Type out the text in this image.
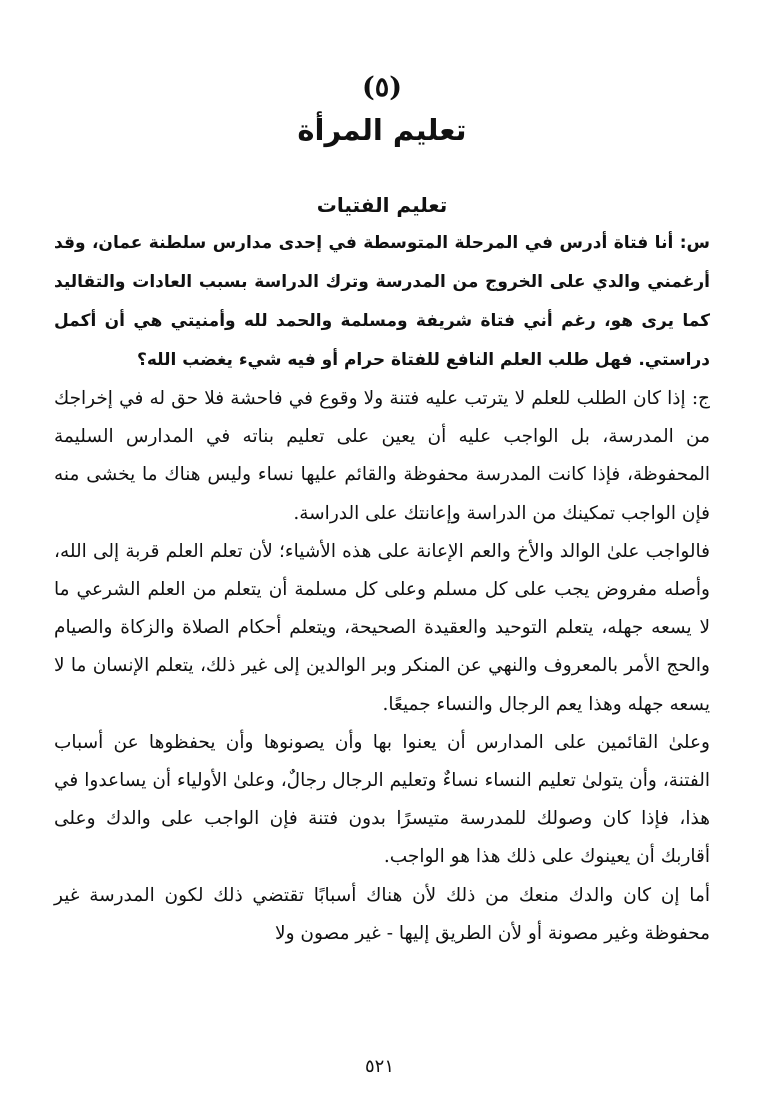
(٥)
تعليم المرأة
تعليم الفتيات

س: أنا فتاة أدرس في المرحلة المتوسطة في إحدى مدارس سلطنة عمان، وقد أرغمني والدي على الخروج من المدرسة وترك الدراسة بسبب العادات والتقاليد كما يرى هو، رغم أني فتاة شريفة ومسلمة والحمد لله وأمنيتي هي أن أكمل دراستي. فهل طلب العلم النافع للفتاة حرام أو فيه شيء يغضب الله؟

ج: إذا كان الطلب للعلم لا يترتب عليه فتنة ولا وقوع في فاحشة فلا حق له في إخراجك من المدرسة، بل الواجب عليه أن يعين على تعليم بناته في المدارس السليمة المحفوظة، فإذا كانت المدرسة محفوظة والقائم عليها نساء وليس هناك ما يخشى منه فإن الواجب تمكينك من الدراسة وإعانتك على الدراسة.

فالواجب علىٰ الوالد والأخ والعم الإعانة على هذه الأشياء؛ لأن تعلم العلم قربة إلى الله، وأصله مفروض يجب على كل مسلم وعلى كل مسلمة أن يتعلم من العلم الشرعي ما لا يسعه جهله، يتعلم التوحيد والعقيدة الصحيحة، ويتعلم أحكام الصلاة والزكاة والصيام والحج الأمر بالمعروف والنهي عن المنكر وبر الوالدين إلى غير ذلك، يتعلم الإنسان ما لا يسعه جهله وهذا يعم الرجال والنساء جميعًا.

وعلىٰ القائمين على المدارس أن يعنوا بها وأن يصونوها وأن يحفظوها عن أسباب الفتنة، وأن يتولىٰ تعليم النساء نساءٌ وتعليم الرجال رجالٌ، وعلىٰ الأولياء أن يساعدوا في هذا، فإذا كان وصولك للمدرسة متيسرًا بدون فتنة فإن الواجب على والدك وعلى أقاربك أن يعينوك على ذلك هذا هو الواجب.

أما إن كان والدك منعك من ذلك لأن هناك أسبابًا تقتضي ذلك لكون المدرسة غير محفوظة وغير مصونة أو لأن الطريق إليها - غير مصون ولا

٥٢١
